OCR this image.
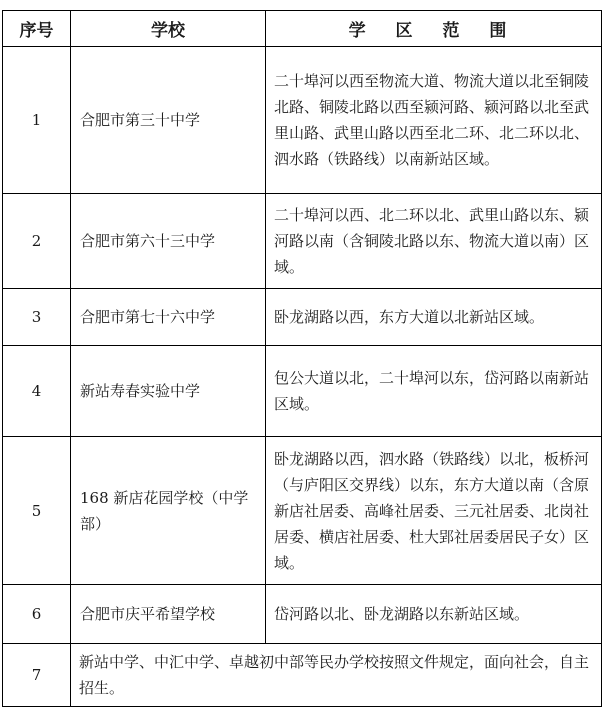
序号	学校	学 区 范 围
1	合肥市第三十中学	二十埠河以西至物流大道、物流大道以北至铜陵北路、铜陵北路以西至颍河路、颍河路以北至武里山路、武里山路以西至北二环、北二环以北、泗水路（铁路线）以南新站区域。
2	合肥市第六十三中学	二十埠河以西、北二环以北、武里山路以东、颍河路以南（含铜陵北路以东、物流大道以南）区域。
3	合肥市第七十六中学	卧龙湖路以西，东方大道以北新站区域。
4	新站寿春实验中学	包公大道以北，二十埠河以东，岱河路以南新站区域。
5	168 新店花园学校（中学部）	卧龙湖路以西，泗水路（铁路线）以北，板桥河（与庐阳区交界线）以东，东方大道以南（含原新店社居委、高峰社居委、三元社居委、北岗社居委、横店社居委、杜大郢社居委居民子女）区域。
6	合肥市庆平希望学校	岱河路以北、卧龙湖路以东新站区域。
7	新站中学、中汇中学、卓越初中部等民办学校按照文件规定，面向社会，自主招生。	
